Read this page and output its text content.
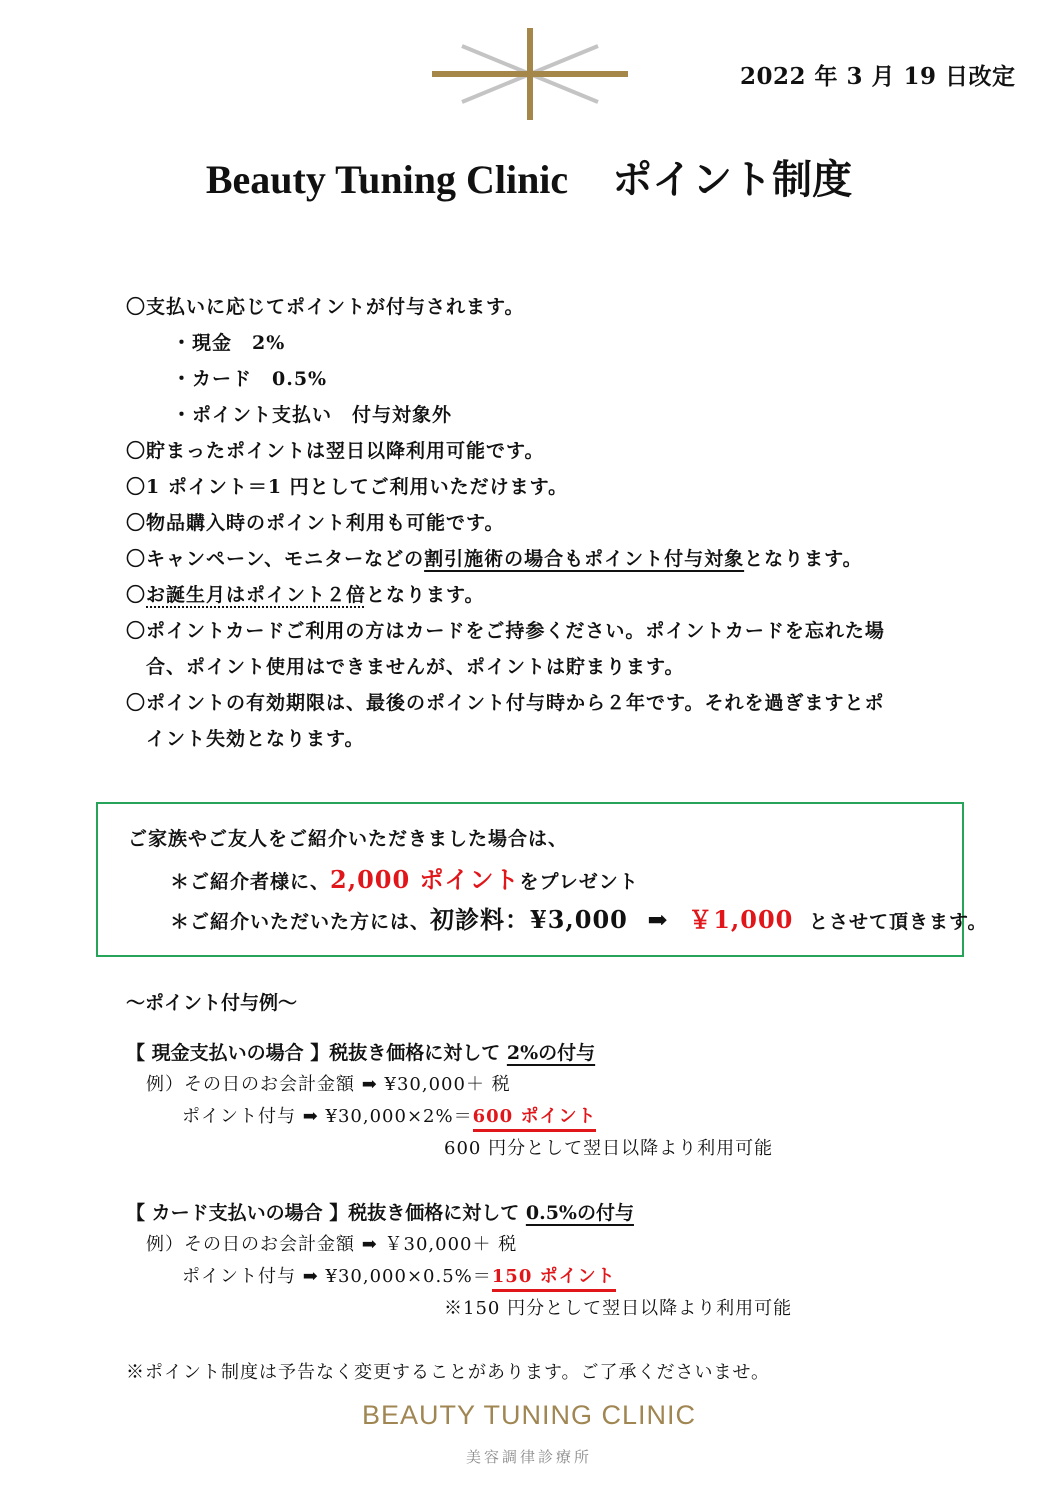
2022 年 3 月 19 日改定
Beauty Tuning Clinic ポイント制度
〇支払いに応じてポイントが付与されます。
・現金　2%
・カード　0.5%
・ポイント支払い　付与対象外
〇貯まったポイントは翌日以降利用可能です。
〇1 ポイント＝1 円としてご利用いただけます。
〇物品購入時のポイント利用も可能です。
〇キャンペーン、モニターなどの割引施術の場合もポイント付与対象となります。
〇お誕生月はポイント２倍となります。
〇ポイントカードご利用の方はカードをご持参ください。ポイントカードを忘れた場
合、ポイント使用はできませんが、ポイントは貯まります。
〇ポイントの有効期限は、最後のポイント付与時から２年です。それを過ぎますとポ
イント失効となります。
ご家族やご友人をご紹介いただきました場合は、
＊ご紹介者様に、2,000 ポイントをプレゼント
＊ご紹介いただいた方には、初診料：¥3,000 ➡ ￥1,000 とさせて頂きます。
～ポイント付与例～
【 現金支払いの場合 】税抜き価格に対して 2%の付与
例）その日のお会計金額 ➡ ¥30,000＋ 税
ポイント付与 ➡ ¥30,000×2%＝600 ポイント
600 円分として翌日以降より利用可能
【 カード支払いの場合 】税抜き価格に対して 0.5%の付与
例）その日のお会計金額 ➡ ￥30,000＋ 税
ポイント付与 ➡ ¥30,000×0.5%＝150 ポイント
※150 円分として翌日以降より利用可能
※ポイント制度は予告なく変更することがあります。ご了承くださいませ。
BEAUTY TUNING CLINIC
美容調律診療所
